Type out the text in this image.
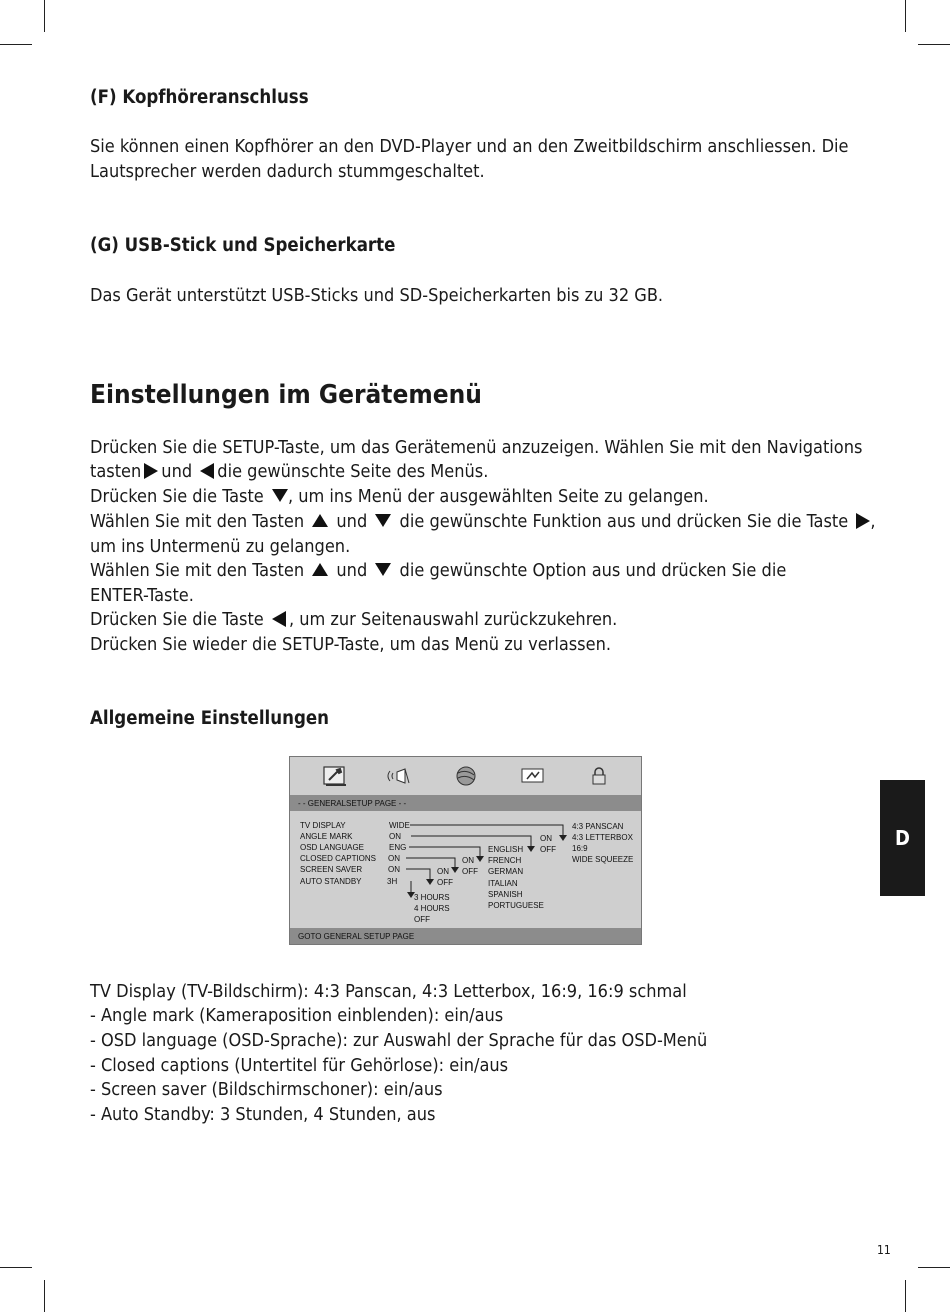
(F) Kopfhöreranschluss
Sie können einen Kopfhörer an den DVD-Player und an den Zweitbildschirm anschliessen. Die
Lautsprecher werden dadurch stummgeschaltet.
(G) USB-Stick und Speicherkarte
Das Gerät unterstützt USB-Sticks und SD-Speicherkarten bis zu 32 GB.
Einstellungen im Gerätemenü
Drücken Sie die SETUP-Taste, um das Gerätemenü anzuzeigen. Wählen Sie mit den Navigations
tasten und die gewünschte Seite des Menüs.
Drücken Sie die Taste , um ins Menü der ausgewählten Seite zu gelangen.
Wählen Sie mit den Tasten und die gewünschte Funktion aus und drücken Sie die Taste ,
um ins Untermenü zu gelangen.
Wählen Sie mit den Tasten und die gewünschte Option aus und drücken Sie die
ENTER-Taste.
Drücken Sie die Taste , um zur Seitenauswahl zurückzukehren.
Drücken Sie wieder die SETUP-Taste, um das Menü zu verlassen.
Allgemeine Einstellungen
- - GENERALSETUP PAGE - -
TV DISPLAY
ANGLE MARK
OSD LANGUAGE
CLOSED CAPTIONS
SCREEN SAVER
AUTO STANDBY
WIDE
ON
ENG
ON
ON
3H
4:3 PANSCAN
4:3 LETTERBOX
16:9
WIDE SQUEEZE
ON
OFF
ENGLISH
FRENCH
GERMAN
ITALIAN
SPANISH
PORTUGUESE
ON
OFF
ON
OFF
3 HOURS
4 HOURS
OFF
GOTO GENERAL SETUP PAGE
TV Display (TV-Bildschirm): 4:3 Panscan, 4:3 Letterbox, 16:9, 16:9 schmal
- Angle mark (Kameraposition einblenden): ein/aus
- OSD language (OSD-Sprache): zur Auswahl der Sprache für das OSD-Menü
- Closed captions (Untertitel für Gehörlose): ein/aus
- Screen saver (Bildschirmschoner): ein/aus
- Auto Standby: 3 Stunden, 4 Stunden, aus
D
11
